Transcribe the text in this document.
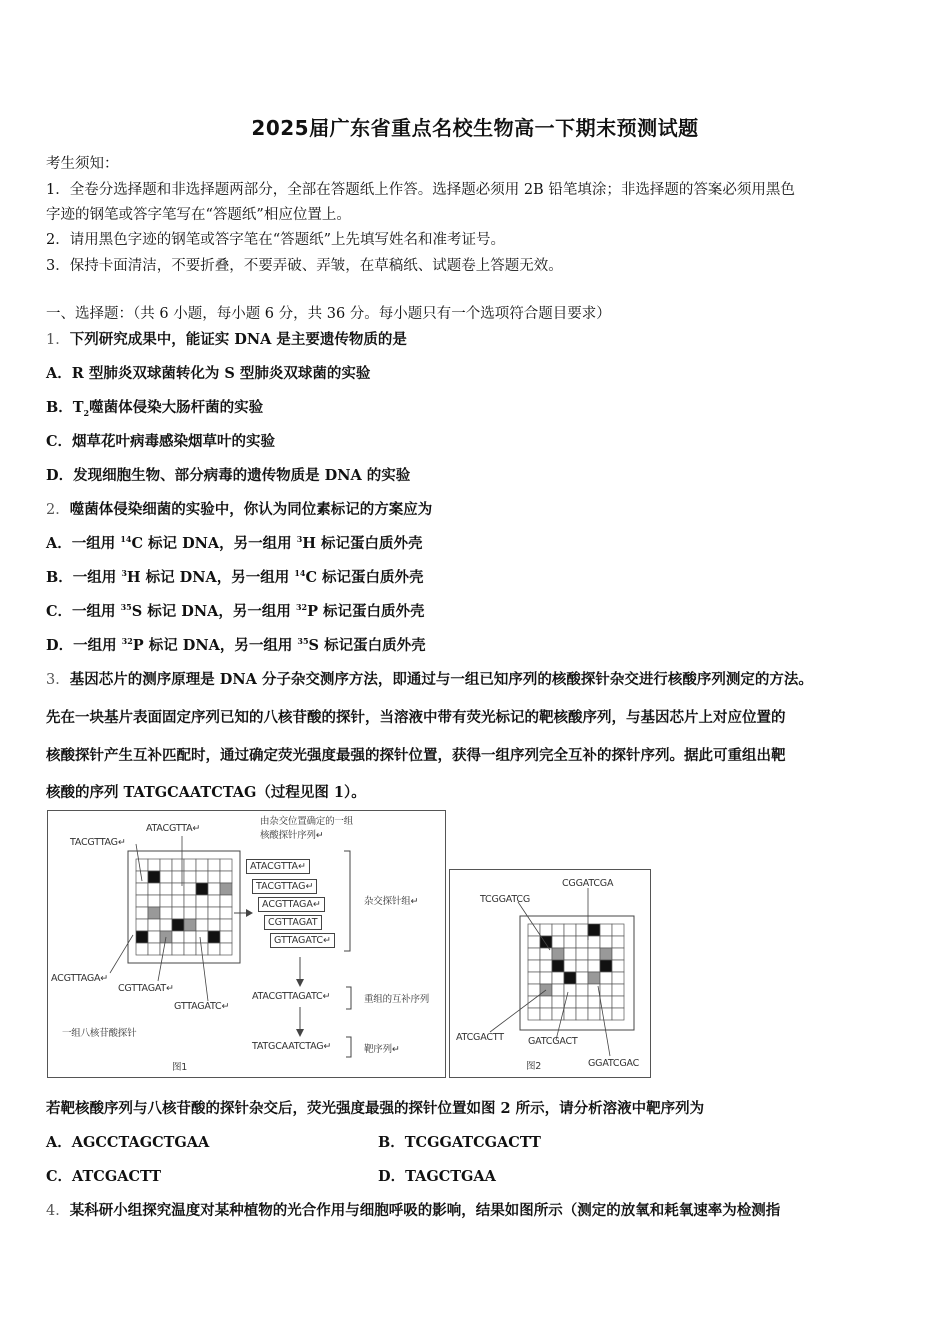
2025届广东省重点名校生物高一下期末预测试题
考生须知：
1．全卷分选择题和非选择题两部分，全部在答题纸上作答。选择题必须用 2B 铅笔填涂；非选择题的答案必须用黑色
字迹的钢笔或答字笔写在“答题纸”相应位置上。
2．请用黑色字迹的钢笔或答字笔在“答题纸”上先填写姓名和准考证号。
3．保持卡面清洁，不要折叠，不要弄破、弄皱，在草稿纸、试题卷上答题无效。
一、选择题：（共 6 小题，每小题 6 分，共 36 分。每小题只有一个选项符合题目要求）
1．下列研究成果中，能证实 DNA 是主要遗传物质的是
A．R 型肺炎双球菌转化为 S 型肺炎双球菌的实验
B．$T_2$噬菌体侵染大肠杆菌的实验
C．烟草花叶病毒感染烟草叶的实验
D．发现细胞生物、部分病毒的遗传物质是 DNA 的实验
2．噬菌体侵染细菌的实验中，你认为同位素标记的方案应为
A．一组用 $^{14}$C 标记 DNA，另一组用 $^3$H 标记蛋白质外壳
B．一组用 $^3$H 标记 DNA，另一组用 $^{14}$C 标记蛋白质外壳
C．一组用 $^{35}$S 标记 DNA，另一组用 $^{32}$P 标记蛋白质外壳
D．一组用 $^{32}$P 标记 DNA，另一组用 $^{35}$S 标记蛋白质外壳
3．基因芯片的测序原理是 DNA 分子杂交测序方法，即通过与一组已知序列的核酸探针杂交进行核酸序列测定的方法。
先在一块基片表面固定序列已知的八核苷酸的探针，当溶液中带有荧光标记的靶核酸序列，与基因芯片上对应位置的
核酸探针产生互补匹配时，通过确定荧光强度最强的探针位置，获得一组序列完全互补的探针序列。据此可重组出靶
核酸的序列 TATGCAATCTAG（过程见图 1）。
由杂交位置确定的一组
核酸探针序列↵
TACGTTAG↵
ATACGTTA↵
ACGTTAGA↵
CGTTAGAT↵
GTTAGATC↵
ATACGTTA↵
TACGTTAG↵
ACGTTAGA↵
CGTTAGAT
GTTAGATC↵
杂交探针组↵
ATACGTTAGATC↵	重组的互补序列
TATGCAATCTAG↵	靶序列↵
一组八核苷酸探针
图1
TCGGATCG
CGGATCGA
ATCGACTT	GATCGACT
GGATCGAC
图2
若靶核酸序列与八核苷酸的探针杂交后，荧光强度最强的探针位置如图 2 所示，请分析溶液中靶序列为
A．AGCCTAGCTGAA	B．TCGGATCGACTT
C．ATCGACTT	D．TAGCTGAA
4．某科研小组探究温度对某种植物的光合作用与细胞呼吸的影响，结果如图所示（测定的放氧和耗氧速率为检测指
